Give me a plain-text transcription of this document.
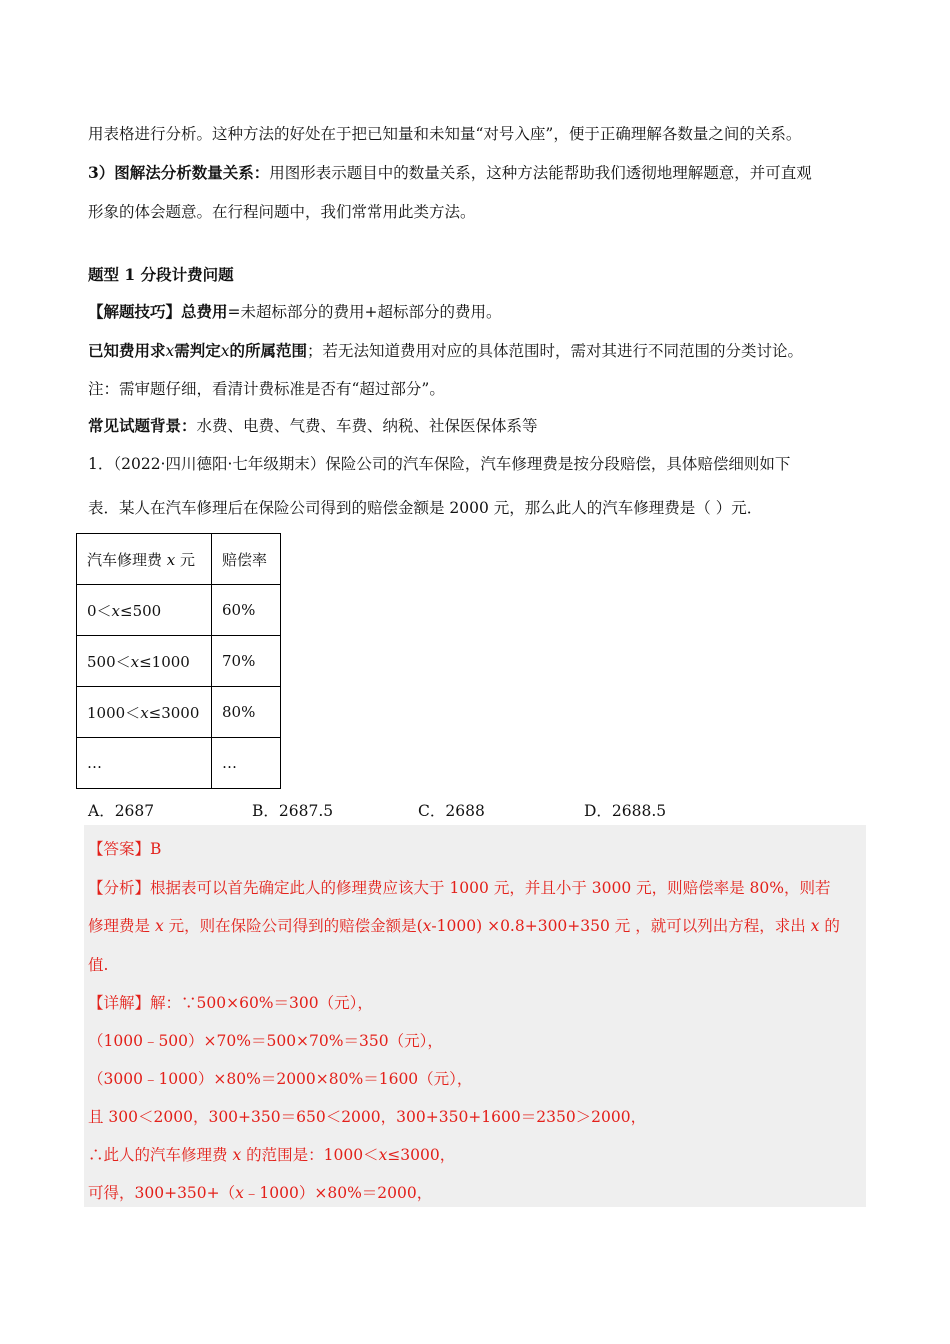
用表格进行分析。这种方法的好处在于把已知量和未知量“对号入座”，便于正确理解各数量之间的关系。
3）图解法分析数量关系：用图形表示题目中的数量关系，这种方法能帮助我们透彻地理解题意，并可直观
形象的体会题意。在行程问题中，我们常常用此类方法。
题型 1 分段计费问题
【解题技巧】总费用=未超标部分的费用+超标部分的费用。
已知费用求x需判定x的所属范围；若无法知道费用对应的具体范围时，需对其进行不同范围的分类讨论。
注：需审题仔细，看清计费标准是否有“超过部分”。
常见试题背景：水费、电费、气费、车费、纳税、社保医保体系等
1．（2022·四川德阳·七年级期末）保险公司的汽车保险，汽车修理费是按分段赔偿，具体赔偿细则如下
表．某人在汽车修理后在保险公司得到的赔偿金额是 2000 元，那么此人的汽车修理费是（ ）元．
汽车修理费 x 元	赔偿率
0＜x≤500	60%
500＜x≤1000	70%
1000＜x≤3000	80%
…	…
A．2687	B．2687.5	C．2688	D．2688.5
【答案】B
【分析】根据表可以首先确定此人的修理费应该大于 1000 元，并且小于 3000 元，则赔偿率是 80%，则若
修理费是 x 元，则在保险公司得到的赔偿金额是(x-1000) ×0.8+300+350 元 ，就可以列出方程，求出 x 的
值.
【详解】解：∵500×60%＝300（元），
（1000﹣500）×70%＝500×70%＝350（元），
（3000﹣1000）×80%＝2000×80%＝1600（元），
且 300＜2000，300+350＝650＜2000，300+350+1600＝2350＞2000，
∴此人的汽车修理费 x 的范围是：1000＜x≤3000，
可得，300+350+（x﹣1000）×80%＝2000，
